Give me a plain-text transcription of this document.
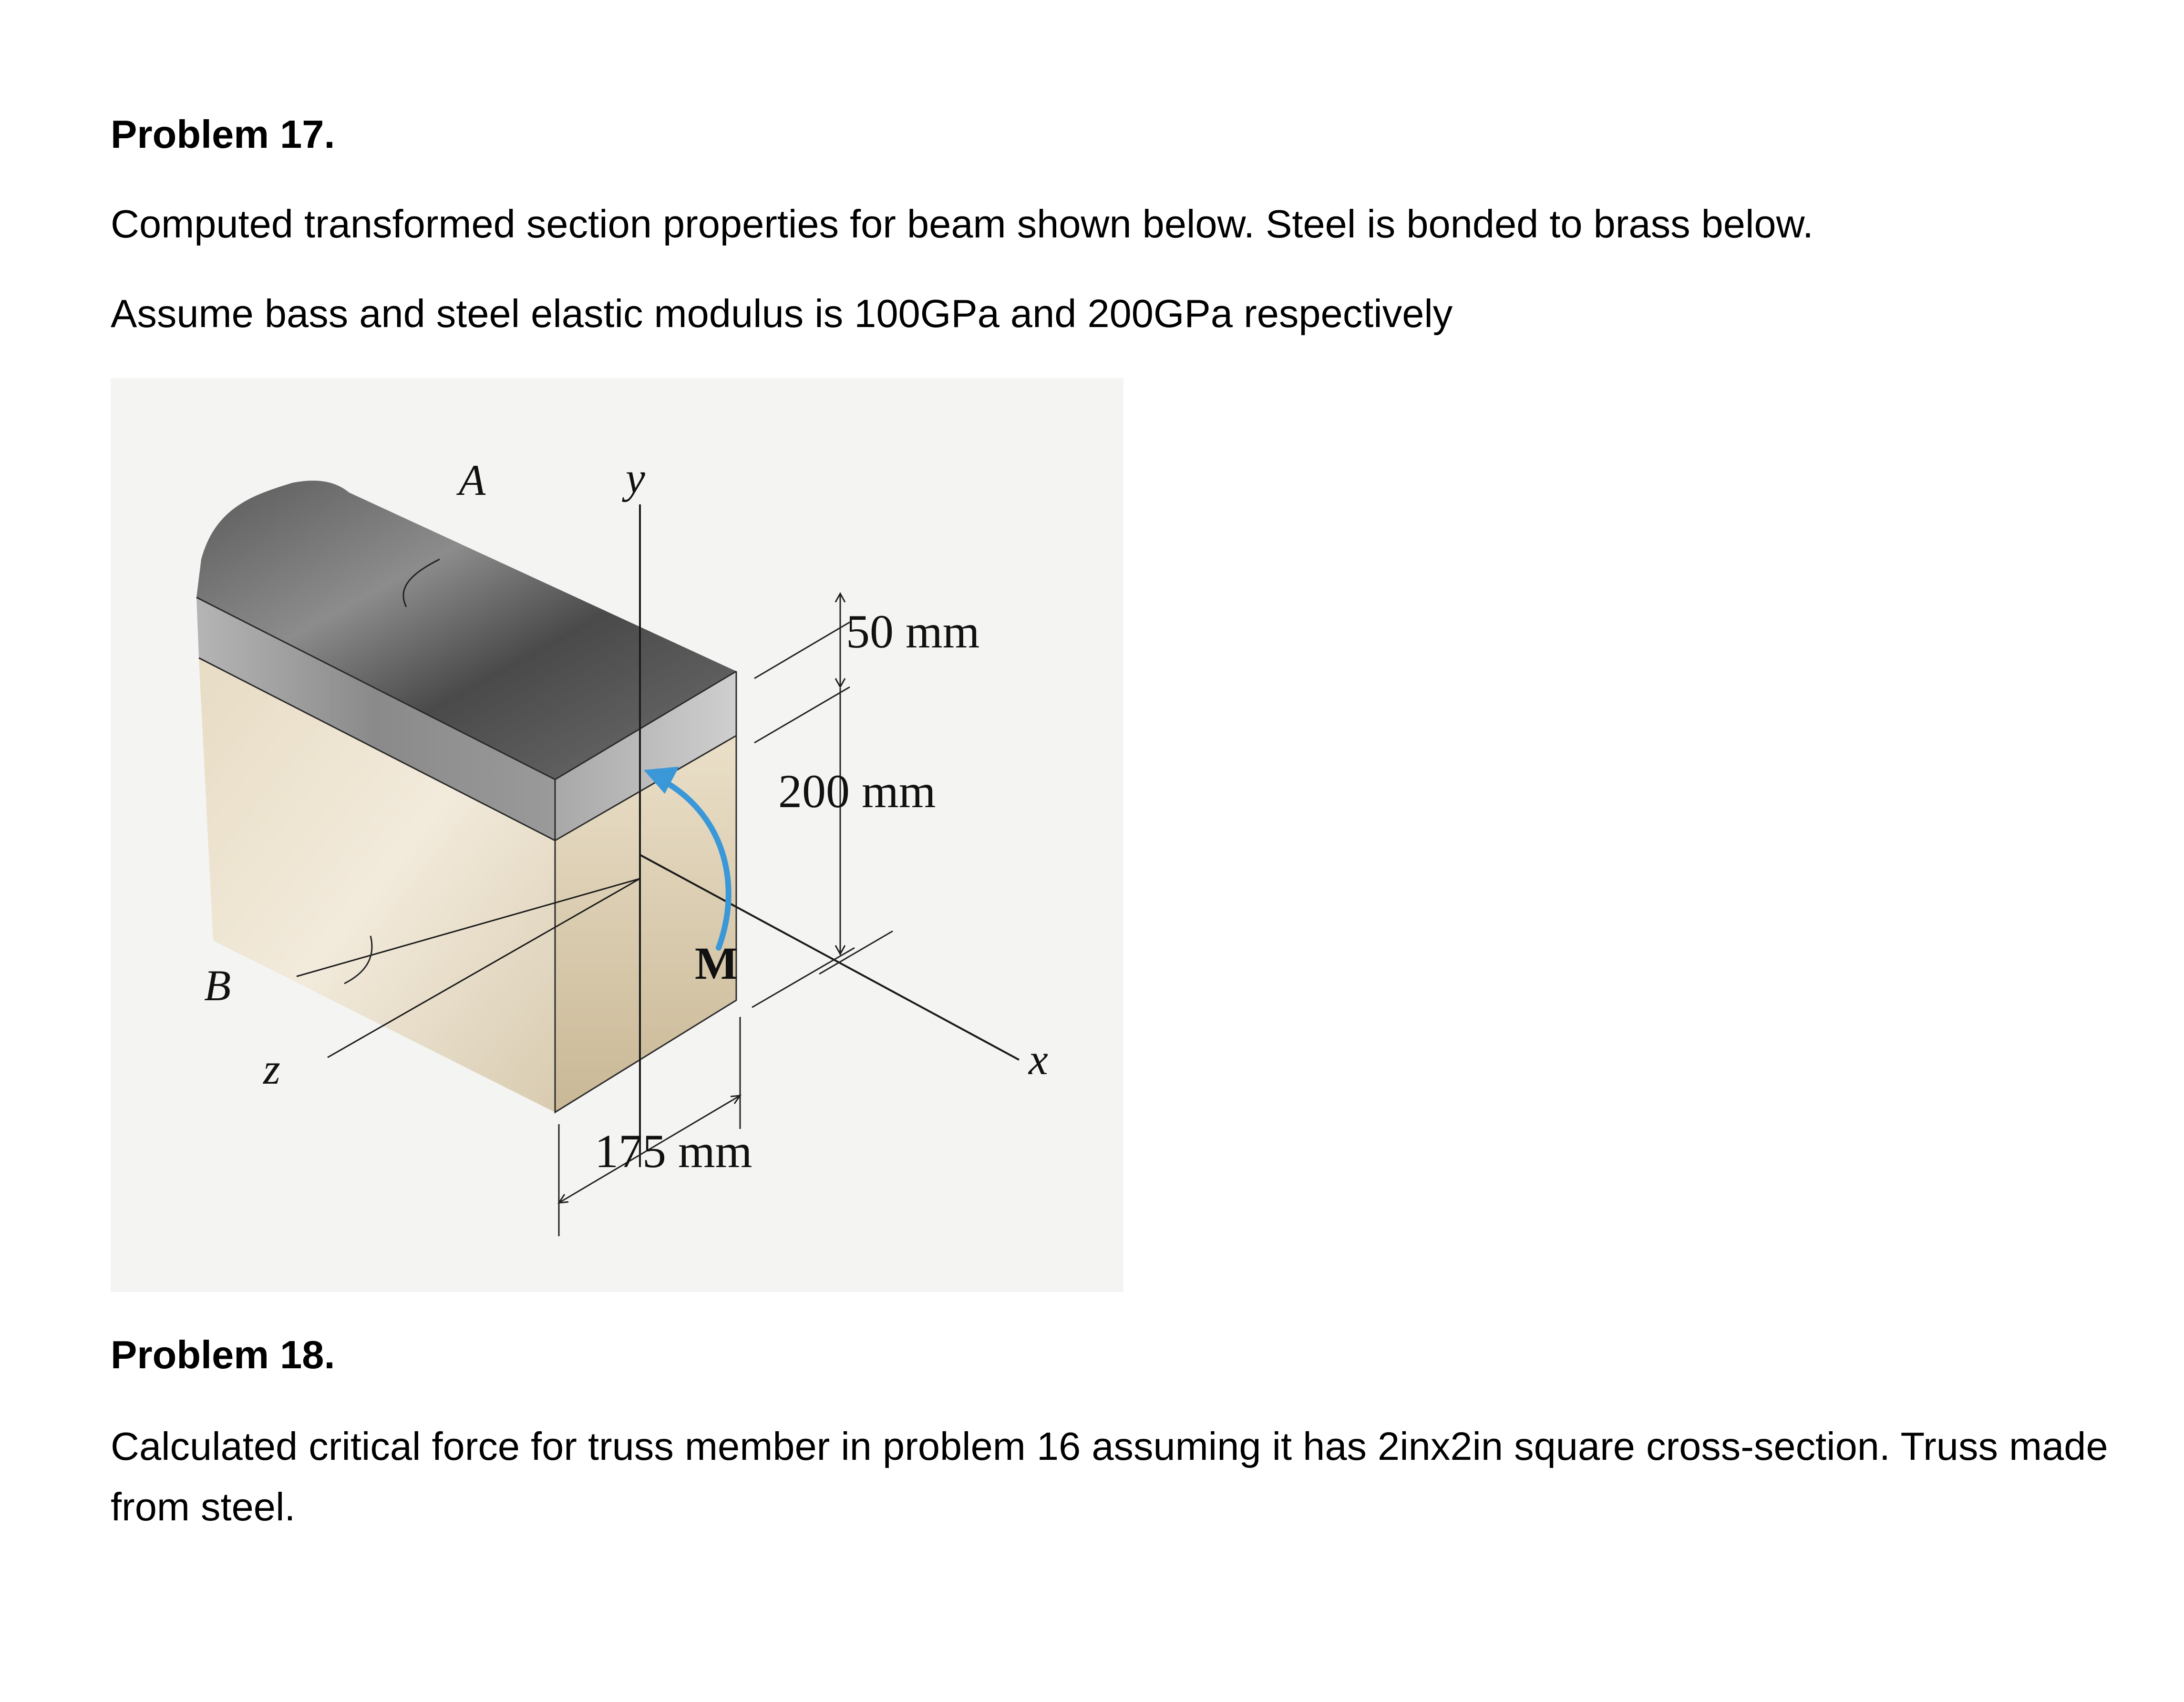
Problem 17.

Computed transformed section properties for beam shown below. Steel is bonded to brass below.

Assume bass and steel elastic modulus is 100GPa and 200GPa respectively

A	y
50 mm
200 mm
M
B
z	x
175 mm
Problem 18.

Calculated critical force for truss member in problem 16 assuming it has 2inx2in square cross-section. Truss made from steel.
